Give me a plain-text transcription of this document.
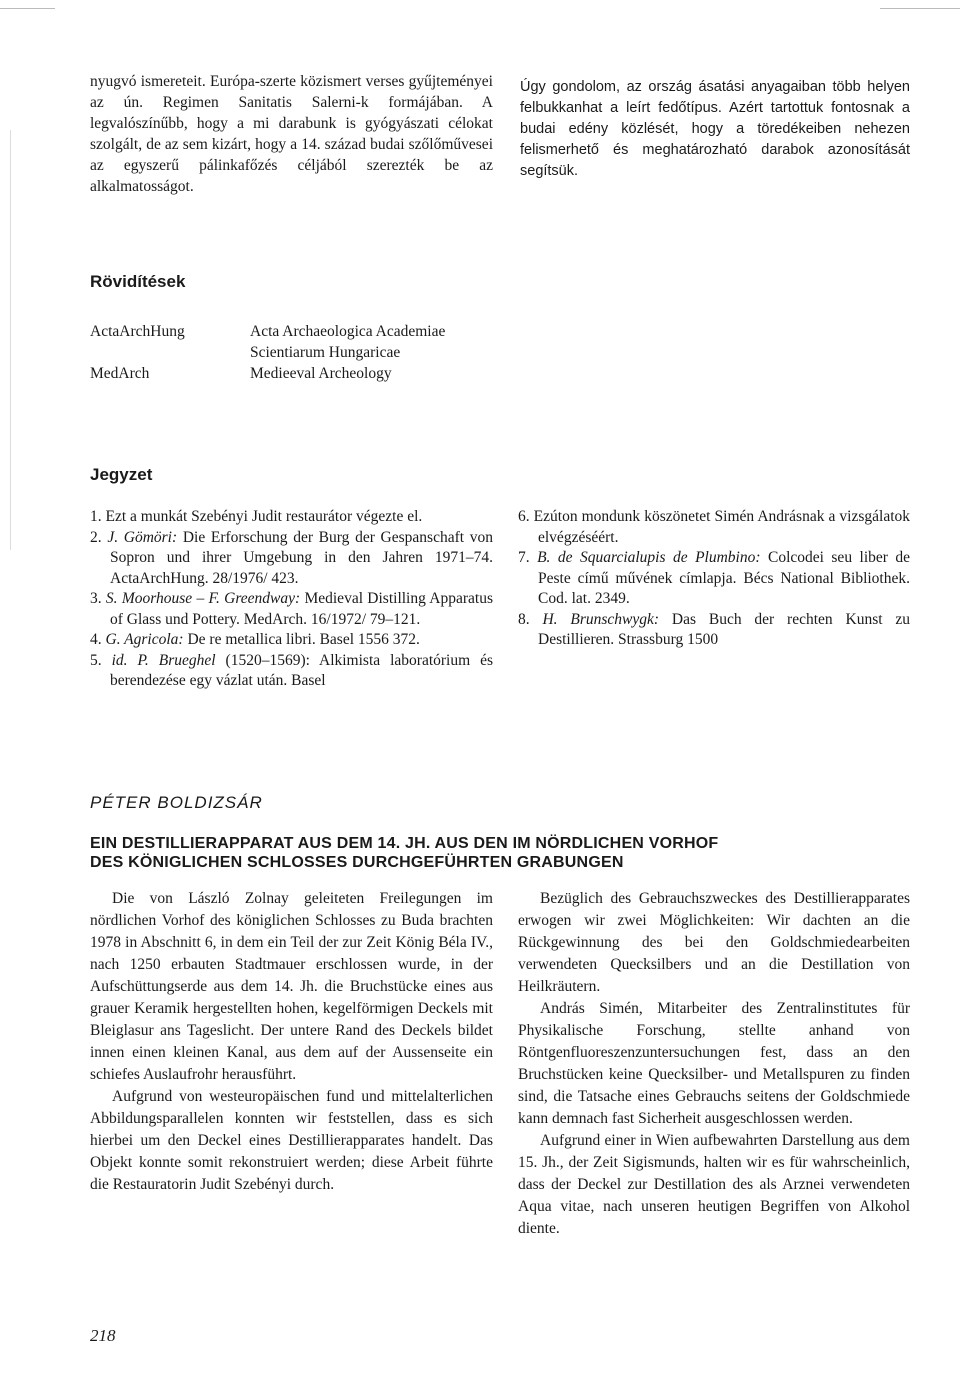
nyugvó ismereteit. Európa-szerte közismert verses gyűjteményei az ún. Regimen Sanitatis Salerni-k formájában. A legvalószínűbb, hogy a mi darabunk is gyógyászati célokat szolgált, de az sem kizárt, hogy a 14. század budai szőlőművesei az egyszerű pálinkafőzés céljából szerezték be az alkalmatosságot.

Úgy gondolom, az ország ásatási anyagaiban több helyen felbukkanhat a leírt fedőtípus. Azért tartottuk fontosnak a budai edény közlését, hogy a töredékeiben nehezen felismerhető és meghatározható darabok azonosítását segítsük.

Rövidítések
ActaArchHung	Acta Archaeologica Academiae Scientiarum Hungaricae
MedArch	Medieeval Archeology
Jegyzet

1. Ezt a munkát Szebényi Judit restaurátor végezte el.

2. J. Gömöri: Die Erforschung der Burg der Gespanschaft von Sopron und ihrer Umgebung in den Jahren 1971–74. ActaArchHung. 28/1976/ 423.

3. S. Moorhouse – F. Greendway: Medieval Distilling Apparatus of Glass und Pottery. MedArch. 16/1972/ 79–121.

4. G. Agricola: De re metallica libri. Basel 1556 372.

5. id. P. Brueghel (1520–1569): Alkimista laboratórium és berendezése egy vázlat után. Basel

6. Ezúton mondunk köszönetet Simén Andrásnak a vizsgálatok elvégzéséért.

7. B. de Squarcialupis de Plumbino: Colcodei seu liber de Peste című művének címlapja. Bécs National Bibliothek. Cod. lat. 2349.

8. H. Brunschwygk: Das Buch der rechten Kunst zu Destillieren. Strassburg 1500

PÉTER BOLDIZSÁR
EIN DESTILLIERAPPARAT AUS DEM 14. JH. AUS DEN IM NÖRDLICHEN VORHOF
DES KÖNIGLICHEN SCHLOSSES DURCHGEFÜHRTEN GRABUNGEN

Die von László Zolnay geleiteten Freilegungen im nördlichen Vorhof des königlichen Schlosses zu Buda brachten 1978 in Abschnitt 6, in dem ein Teil der zur Zeit König Béla IV., nach 1250 erbauten Stadtmauer erschlossen wurde, in der Aufschüttungserde aus dem 14. Jh. die Bruchstücke eines aus grauer Keramik hergestellten hohen, kegelförmigen Deckels mit Bleiglasur ans Tageslicht. Der untere Rand des Deckels bildet innen einen kleinen Kanal, aus dem auf der Aussenseite ein schiefes Auslaufrohr herausführt.

Aufgrund von westeuropäischen fund und mittelalterlichen Abbildungsparallelen konnten wir feststellen, dass es sich hierbei um den Deckel eines Destillierapparates handelt. Das Objekt konnte somit rekonstruiert werden; diese Arbeit führte die Restauratorin Judit Szebényi durch.

Bezüglich des Gebrauchszweckes des Destillierapparates erwogen wir zwei Möglichkeiten: Wir dachten an die Rückgewinnung des bei den Goldschmiedearbeiten verwendeten Quecksilbers und an die Destillation von Heilkräutern.

András Simén, Mitarbeiter des Zentralinstitutes für Physikalische Forschung, stellte anhand von Röntgenfluoreszenzuntersuchungen fest, dass an den Bruchstücken keine Quecksilber- und Metallspuren zu finden sind, die Tatsache eines Gebrauchs seitens der Goldschmiede kann demnach fast Sicherheit ausgeschlossen werden.

Aufgrund einer in Wien aufbewahrten Darstellung aus dem 15. Jh., der Zeit Sigismunds, halten wir es für wahrscheinlich, dass der Deckel zur Destillation des als Arznei verwendeten Aqua vitae, nach unseren heutigen Begriffen von Alkohol diente.

218
